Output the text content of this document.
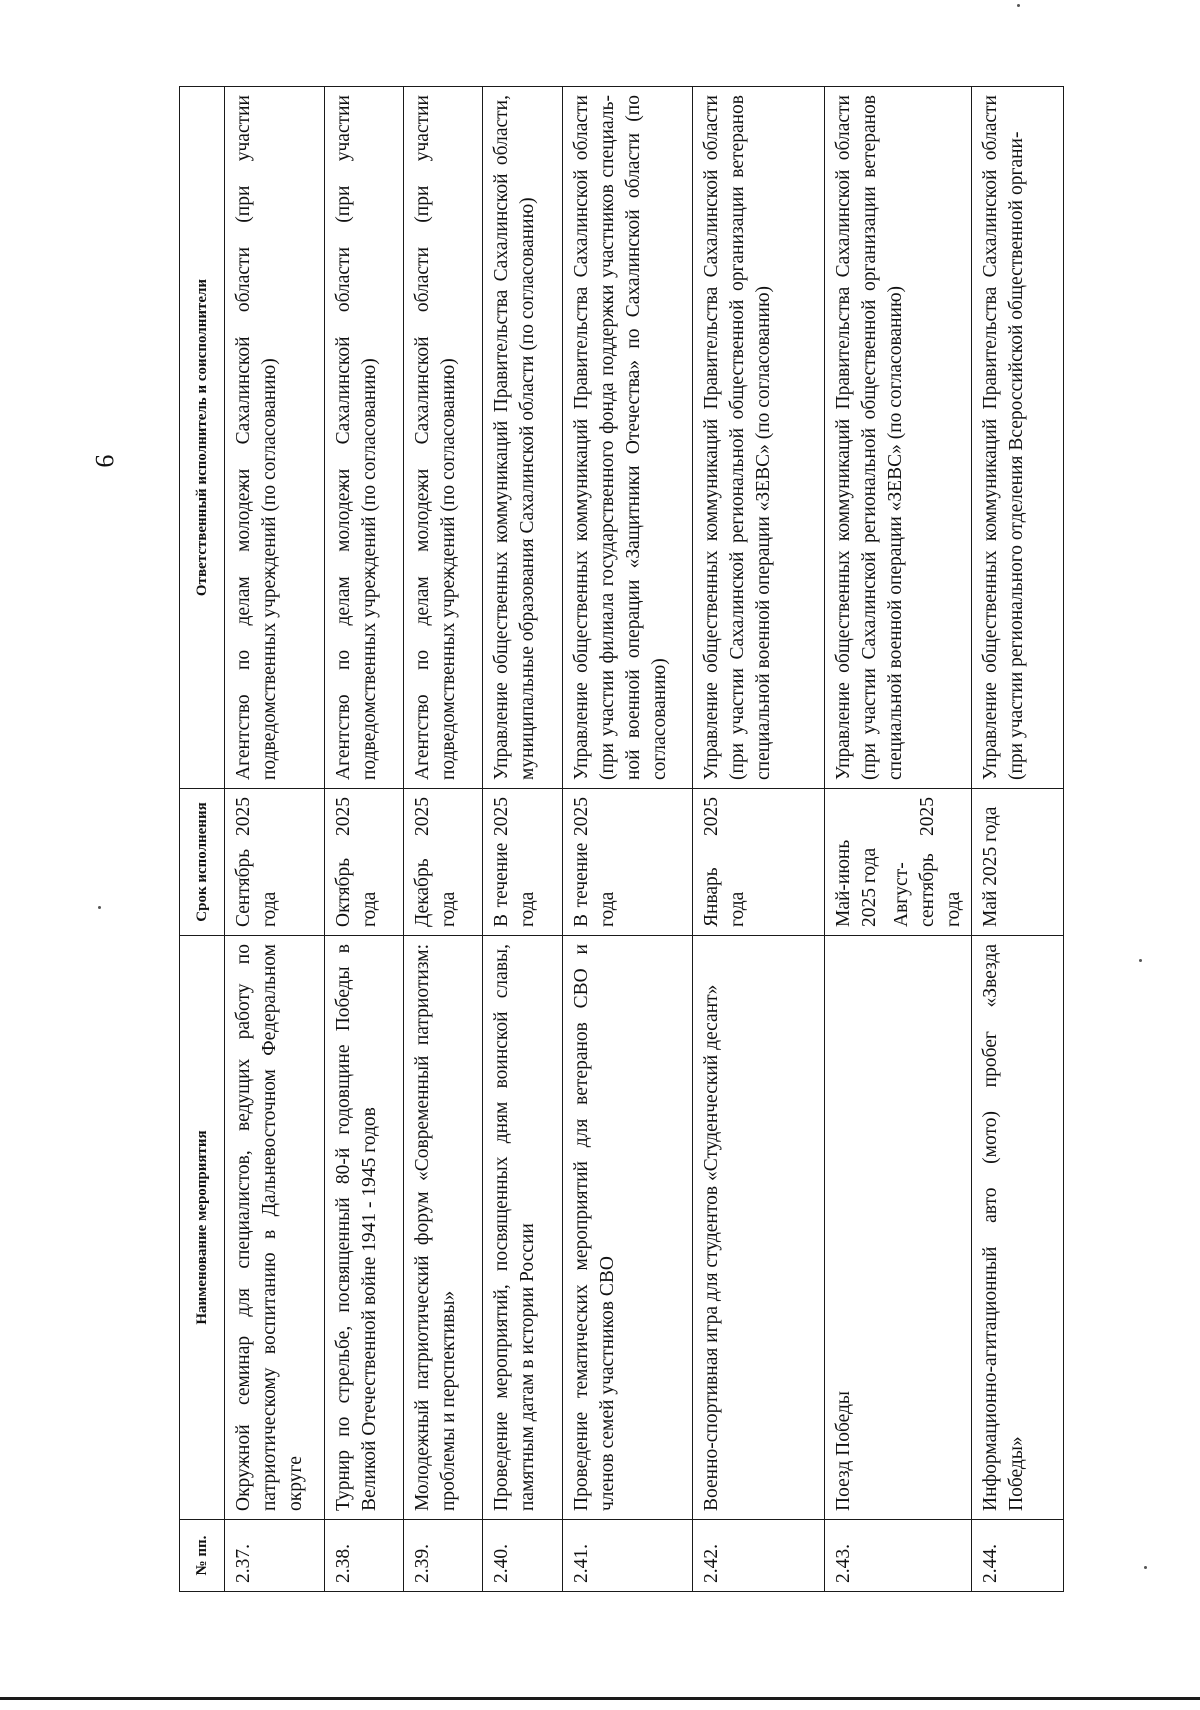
9
№ пп.	Наименование мероприятия	Срок исполнения	Ответственный исполнитель и соисполнители
2.37.	Окружной семинар для специалистов, ведущих работу по патриотическому воспитанию в Дальневосточном Федеральном округе	Сентябрь 2025 года	Агентство по делам молодежи Сахалинской области (при участии подведомственных учреждений (по согласованию)
2.38.	Турнир по стрельбе, посвященный 80-й годовщине Победы в Великой Отечественной войне 1941 - 1945 годов	Октябрь 2025 года	Агентство по делам молодежи Сахалинской области (при участии подведомственных учреждений (по согласованию)
2.39.	Молодежный патриотический форум «Современный патриотизм: проблемы и перспективы»	Декабрь 2025 года	Агентство по делам молодежи Сахалинской области (при участии подведомственных учреждений (по согласованию)
2.40.	Проведение мероприятий, посвященных дням воинской славы, памятным датам в истории России	В течение 2025 года	Управление общественных коммуникаций Правительства Сахалинской области, муниципальные образования Сахалинской области (по согласованию)
2.41.	Проведение тематических мероприятий для ветеранов СВО и членов семей участников СВО	В течение 2025 года	Управление общественных коммуникаций Правительства Сахалинской области (при участии филиала государственного фонда поддержки участников специальной военной операции «Защитники Отечества» по Сахалинской области (по согласованию)
2.42.	Военно-спортивная игра для студентов «Студенческий десант»	Январь 2025 года	Управление общественных коммуникаций Правительства Сахалинской области (при участии Сахалинской региональной общественной организации ветеранов специальной военной операции «ЗЕВС» (по согласованию)
2.43.	Поезд Победы	Май-июнь 2025 года Август-сентябрь 2025 года	Управление общественных коммуникаций Правительства Сахалинской области (при участии Сахалинской региональной общественной организации ветеранов специальной военной операции «ЗЕВС» (по согласованию)
2.44.	Информационно-агитационный авто (мото) пробег «Звезда Победы»	Май 2025 года	Управление общественных коммуникаций Правительства Сахалинской области (при участии регионального отделения Всероссийской общественной органи-
